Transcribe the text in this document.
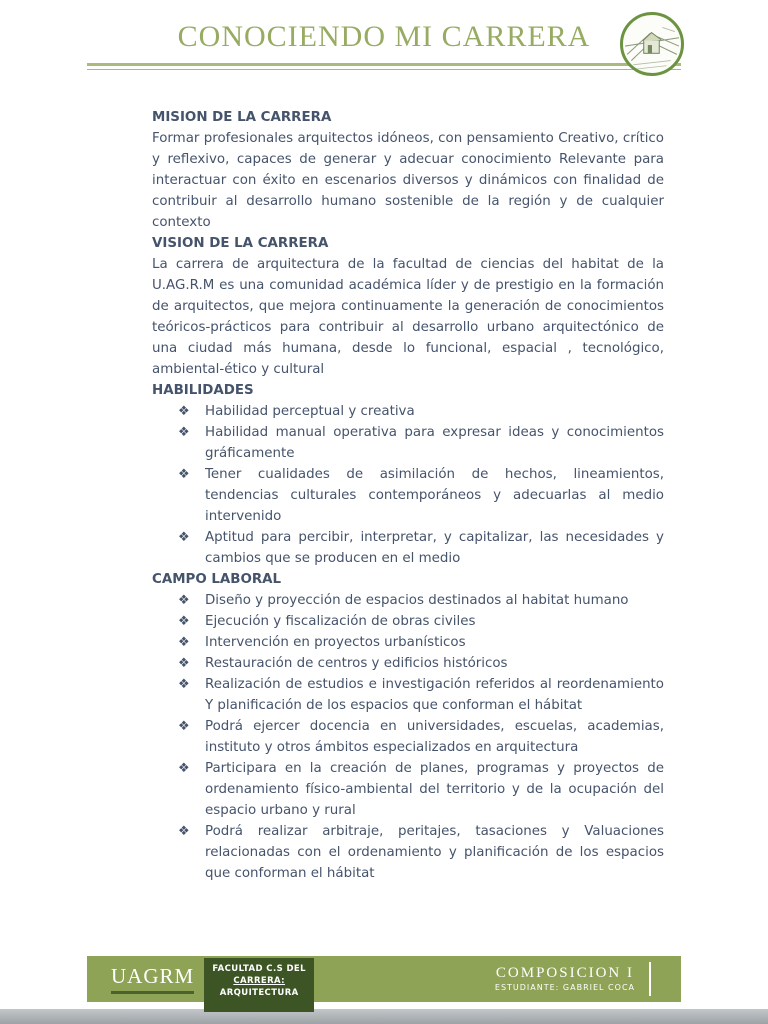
CONOCIENDO MI CARRERA
MISION DE LA CARRERA

Formar profesionales arquitectos idóneos, con pensamiento Creativo, crítico y reflexivo, capaces de generar y adecuar conocimiento Relevante para interactuar con éxito en escenarios diversos y dinámicos con finalidad de contribuir al desarrollo humano sostenible de la región y de cualquier contexto

VISION DE LA CARRERA

La carrera de arquitectura de la facultad de ciencias del habitat de la U.AG.R.M es una comunidad académica líder y de prestigio en la formación de arquitectos, que mejora continuamente la generación de conocimientos teóricos-prácticos para contribuir al desarrollo urbano arquitectónico de una ciudad más humana, desde lo funcional, espacial , tecnológico, ambiental-ético y cultural

HABILIDADES
❖ Habilidad perceptual y creativa
❖ Habilidad manual operativa para expresar ideas y conocimientos gráficamente
❖ Tener cualidades de asimilación de hechos, lineamientos, tendencias culturales contemporáneos y adecuarlas al medio intervenido
❖ Aptitud para percibir, interpretar, y capitalizar, las necesidades y cambios que se producen en el medio
CAMPO LABORAL
❖ Diseño y proyección de espacios destinados al habitat humano
❖ Ejecución y fiscalización de obras civiles
❖ Intervención en proyectos urbanísticos
❖ Restauración de centros y edificios históricos
❖ Realización de estudios e investigación referidos al reordenamiento Y planificación de los espacios que conforman el hábitat
❖ Podrá ejercer docencia en universidades, escuelas, academias, instituto y otros ámbitos especializados en arquitectura
❖ Participara en la creación de planes, programas y proyectos de ordenamiento físico-ambiental del territorio y de la ocupación del espacio urbano y rural
❖ Podrá realizar arbitraje, peritajes, tasaciones y Valuaciones relacionadas con el ordenamiento y planificación de los espacios que conforman el hábitat
UAGRM	FACULTAD C.S DEL
CARRERA:
ARQUITECTURA
COMPOSICION I
ESTUDIANTE: GABRIEL COCA
